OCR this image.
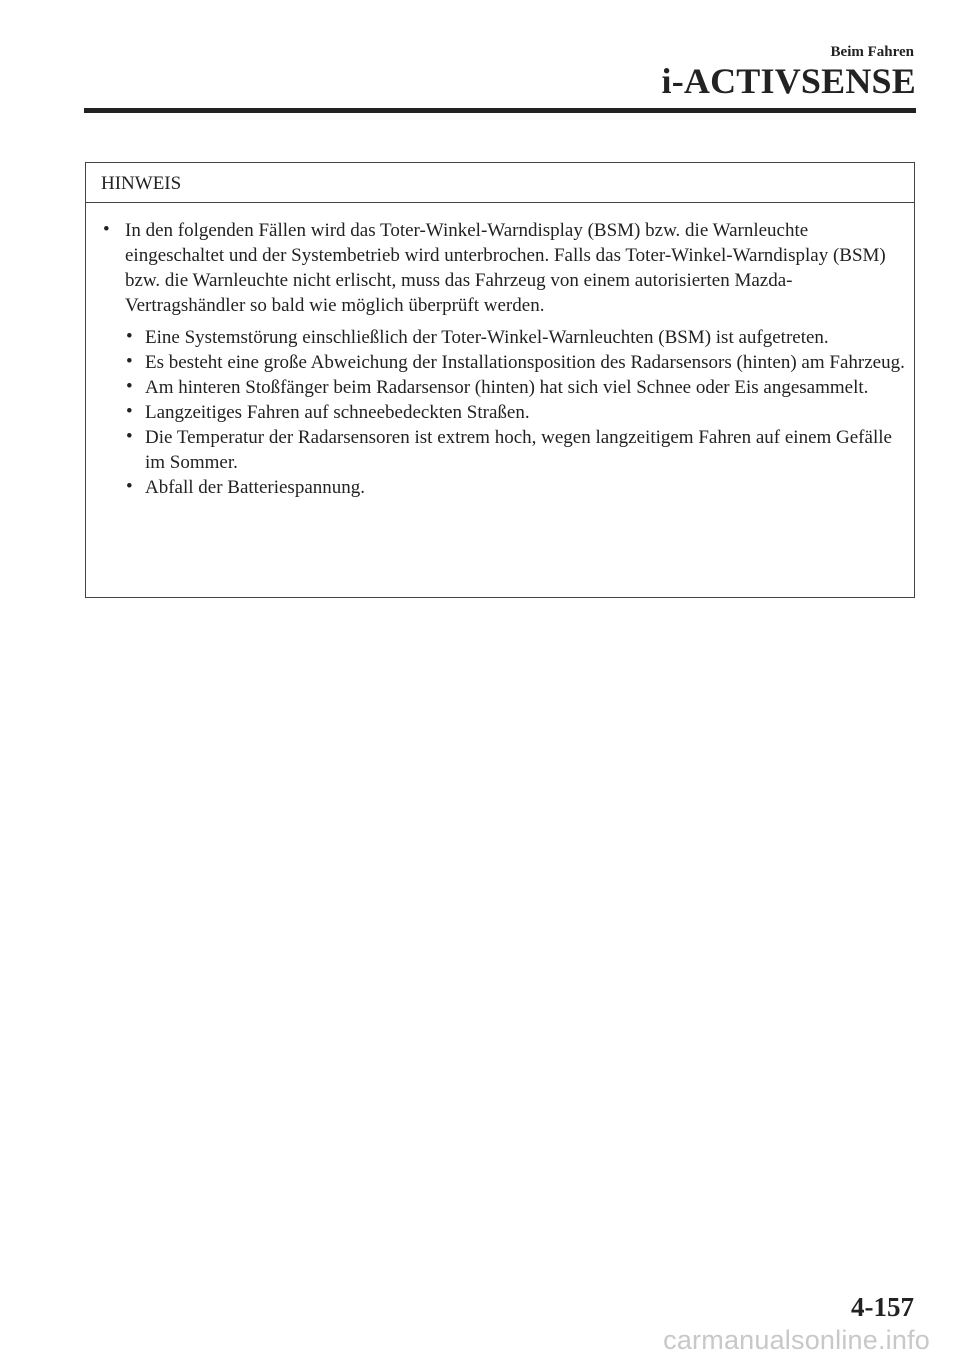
Beim Fahren
i-ACTIVSENSE
HINWEIS
• In den folgenden Fällen wird das Toter-Winkel-Warndisplay (BSM) bzw. die Warnleuchte eingeschaltet und der Systembetrieb wird unterbrochen. Falls das Toter-Winkel-Warndisplay (BSM) bzw. die Warnleuchte nicht erlischt, muss das Fahrzeug von einem autorisierten Mazda-Vertragshändler so bald wie möglich überprüft werden.
• Eine Systemstörung einschließlich der Toter-Winkel-Warnleuchten (BSM) ist aufgetreten.
• Es besteht eine große Abweichung der Installationsposition des Radarsensors (hinten) am Fahrzeug.
• Am hinteren Stoßfänger beim Radarsensor (hinten) hat sich viel Schnee oder Eis angesammelt.
• Langzeitiges Fahren auf schneebedeckten Straßen.
• Die Temperatur der Radarsensoren ist extrem hoch, wegen langzeitigem Fahren auf einem Gefälle im Sommer.
• Abfall der Batteriespannung.
4-157
carmanualsonline.info
